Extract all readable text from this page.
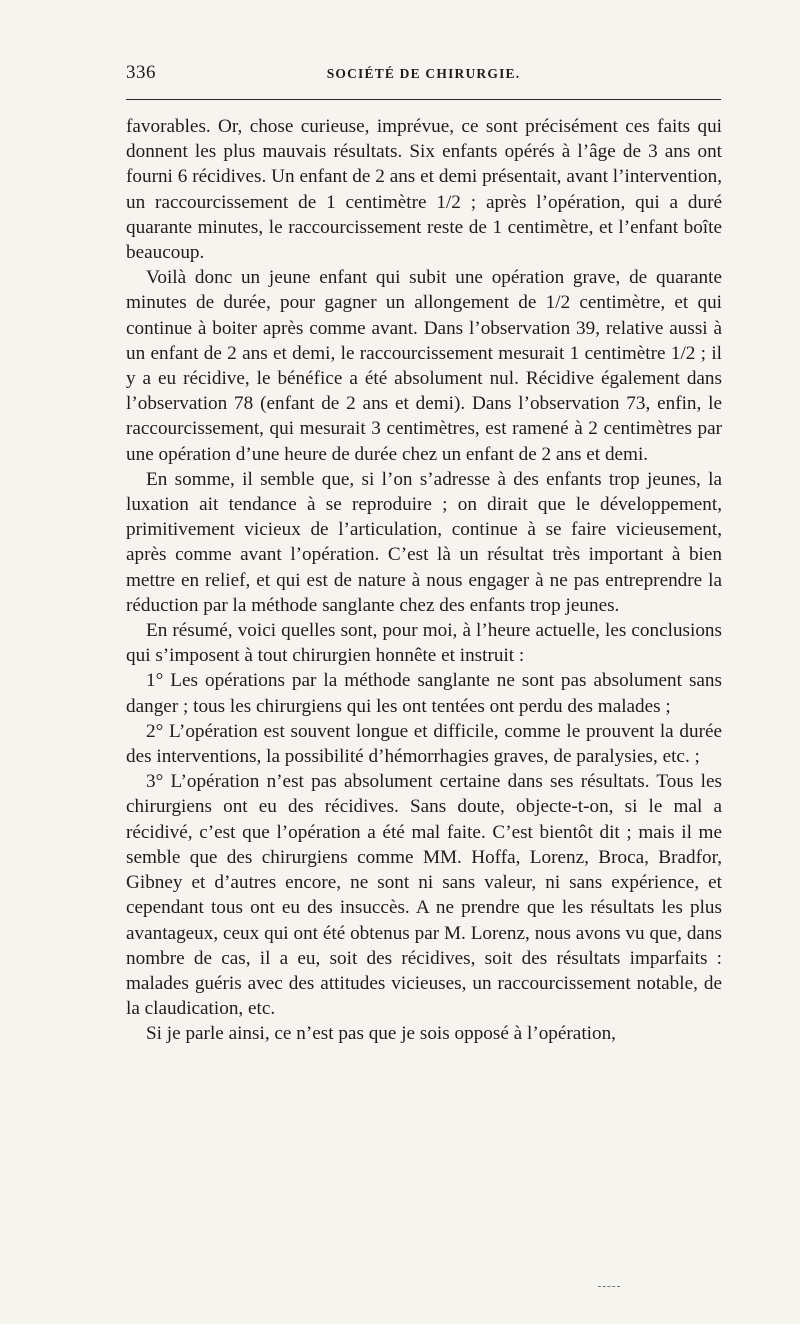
336	SOCIÉTÉ DE CHIRURGIE.

favorables. Or, chose curieuse, imprévue, ce sont précisément ces faits qui donnent les plus mauvais résultats. Six enfants opérés à l’âge de 3 ans ont fourni 6 récidives. Un enfant de 2 ans et demi présentait, avant l’intervention, un raccourcissement de 1 centimètre 1/2 ; après l’opération, qui a duré quarante minutes, le raccourcissement reste de 1 centimètre, et l’enfant boîte beaucoup.

Voilà donc un jeune enfant qui subit une opération grave, de quarante minutes de durée, pour gagner un allongement de 1/2 centimètre, et qui continue à boiter après comme avant. Dans l’observation 39, relative aussi à un enfant de 2 ans et demi, le raccourcissement mesurait 1 centimètre 1/2 ; il y a eu récidive, le bénéfice a été absolument nul. Récidive également dans l’observation 78 (enfant de 2 ans et demi). Dans l’observation 73, enfin, le raccourcissement, qui mesurait 3 centimètres, est ramené à 2 centimètres par une opération d’une heure de durée chez un enfant de 2 ans et demi.

En somme, il semble que, si l’on s’adresse à des enfants trop jeunes, la luxation ait tendance à se reproduire ; on dirait que le développement, primitivement vicieux de l’articulation, continue à se faire vicieusement, après comme avant l’opération. C’est là un résultat très important à bien mettre en relief, et qui est de nature à nous engager à ne pas entreprendre la réduction par la méthode sanglante chez des enfants trop jeunes.

En résumé, voici quelles sont, pour moi, à l’heure actuelle, les conclusions qui s’imposent à tout chirurgien honnête et instruit :

1° Les opérations par la méthode sanglante ne sont pas absolument sans danger ; tous les chirurgiens qui les ont tentées ont perdu des malades ;

2° L’opération est souvent longue et difficile, comme le prouvent la durée des interventions, la possibilité d’hémorrhagies graves, de paralysies, etc. ;

3° L’opération n’est pas absolument certaine dans ses résultats. Tous les chirurgiens ont eu des récidives. Sans doute, objecte-t-on, si le mal a récidivé, c’est que l’opération a été mal faite. C’est bientôt dit ; mais il me semble que des chirurgiens comme MM. Hoffa, Lorenz, Broca, Bradfor, Gibney et d’autres encore, ne sont ni sans valeur, ni sans expérience, et cependant tous ont eu des insuccès. A ne prendre que les résultats les plus avantageux, ceux qui ont été obtenus par M. Lorenz, nous avons vu que, dans nombre de cas, il a eu, soit des récidives, soit des résultats imparfaits : malades guéris avec des attitudes vicieuses, un raccourcissement notable, de la claudication, etc.

Si je parle ainsi, ce n’est pas que je sois opposé à l’opération,
